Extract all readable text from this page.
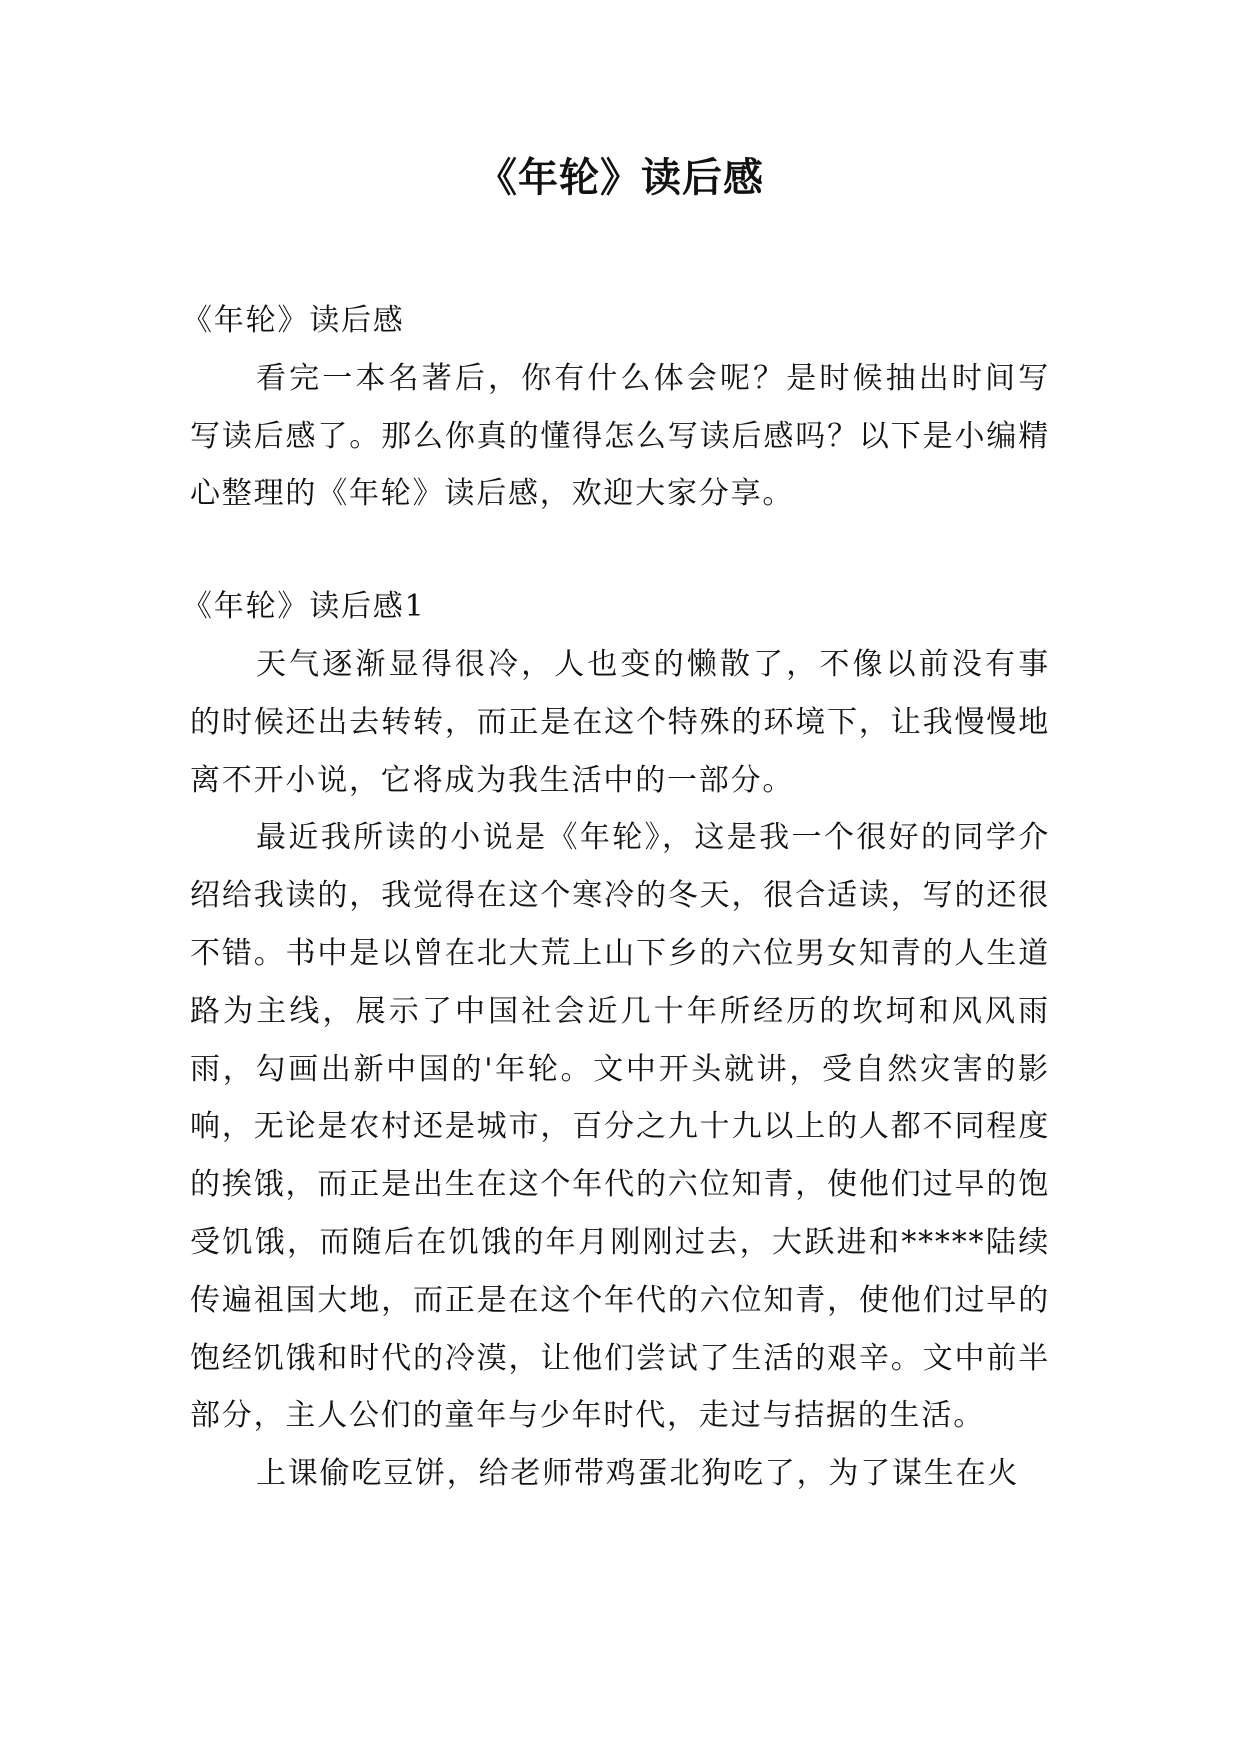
《年轮》读后感

《年轮》读后感

看完一本名著后，你有什么体会呢？是时候抽出时间写写读后感了。那么你真的懂得怎么写读后感吗？以下是小编精心整理的《年轮》读后感，欢迎大家分享。

《年轮》读后感1

天气逐渐显得很冷，人也变的懒散了，不像以前没有事的时候还出去转转，而正是在这个特殊的环境下，让我慢慢地离不开小说，它将成为我生活中的一部分。

最近我所读的小说是《年轮》，这是我一个很好的同学介绍给我读的，我觉得在这个寒冷的冬天，很合适读，写的还很不错。书中是以曾在北大荒上山下乡的六位男女知青的人生道路为主线，展示了中国社会近几十年所经历的坎坷和风风雨雨，勾画出新中国的'年轮。文中开头就讲，受自然灾害的影响，无论是农村还是城市，百分之九十九以上的人都不同程度的挨饿，而正是出生在这个年代的六位知青，使他们过早的饱受饥饿，而随后在饥饿的年月刚刚过去，大跃进和*****陆续传遍祖国大地，而正是在这个年代的六位知青，使他们过早的饱经饥饿和时代的冷漠，让他们尝试了生活的艰辛。文中前半部分，主人公们的童年与少年时代，走过与拮据的生活。

上课偷吃豆饼，给老师带鸡蛋北狗吃了，为了谋生在火
